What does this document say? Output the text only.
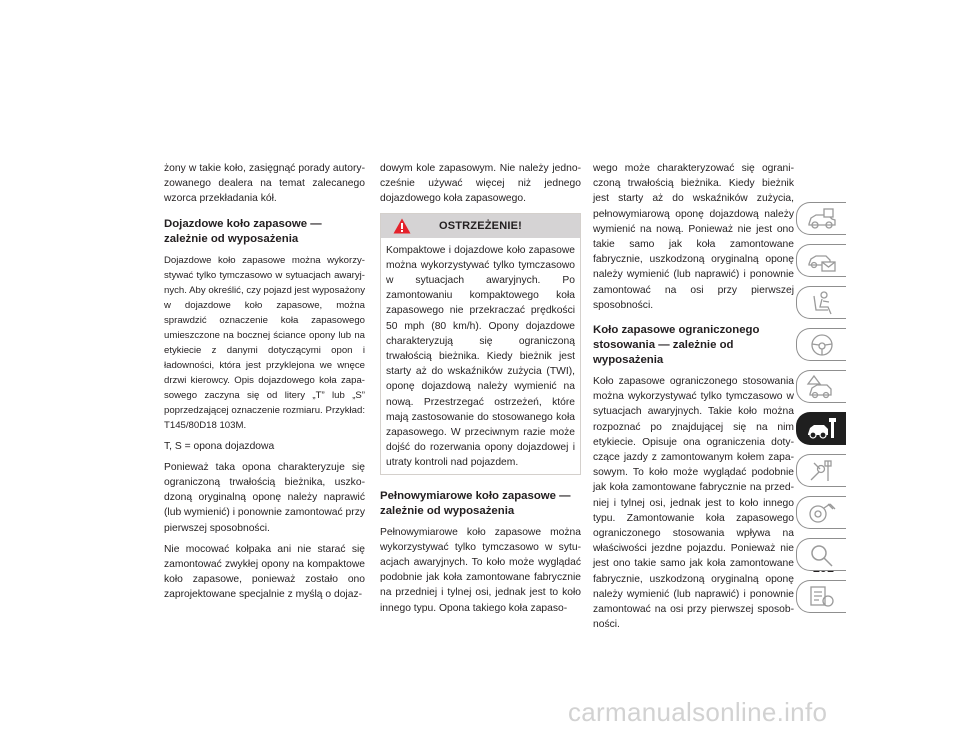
żony w takie koło, zasięgnąć porady autoryzowanego dealera na temat zalecanego wzorca przekładania kół.

Dojazdowe koło zapasowe — zależnie od wyposażenia

Dojazdowe koło zapasowe można wykorzystywać tylko tymczasowo w sytuacjach awaryjnych. Aby określić, czy pojazd jest wyposażony w dojazdowe koło zapasowe, można sprawdzić oznaczenie koła zapasowego umieszczone na bocznej ściance opony lub na etykiecie z danymi dotyczącymi opon i ładowności, która jest przyklejona we wnęce drzwi kierowcy. Opis dojazdowego koła zapasowego zaczyna się od litery „T” lub „S” poprzedzającej oznaczenie rozmiaru. Przykład: T145/80D18 103M.

T, S = opona dojazdowa

Ponieważ taka opona charakteryzuje się ograniczoną trwałością bieżnika, uszkodzoną oryginalną oponę należy naprawić (lub wymienić) i ponownie zamontować przy pierwszej sposobności.

Nie mocować kołpaka ani nie starać się zamontować zwykłej opony na kompaktowe koło zapasowe, ponieważ zostało ono zaprojektowane specjalnie z myślą o dojaz-

dowym kole zapasowym. Nie należy jednocześnie używać więcej niż jednego dojazdowego koła zapasowego.

OSTRZEŻENIE!

Kompaktowe i dojazdowe koło zapasowe można wykorzystywać tylko tymczasowo w sytuacjach awaryjnych. Po zamontowaniu kompaktowego koła zapasowego nie przekraczać prędkości 50 mph (80 km/h). Opony dojazdowe charakteryzują się ograniczoną trwałością bieżnika. Kiedy bieżnik jest starty aż do wskaźników zużycia (TWI), oponę dojazdową należy wymienić na nową. Przestrzegać ostrzeżeń, które mają zastosowanie do stosowanego koła zapasowego. W przeciwnym razie może dojść do rozerwania opony dojazdowej i utraty kontroli nad pojazdem.

Pełnowymiarowe koło zapasowe — zależnie od wyposażenia

Pełnowymiarowe koło zapasowe można wykorzystywać tylko tymczasowo w sytuacjach awaryjnych. To koło może wyglądać podobnie jak koła zamontowane fabrycznie na przedniej i tylnej osi, jednak jest to koło innego typu. Opona takiego koła zapaso-

wego może charakteryzować się ograniczoną trwałością bieżnika. Kiedy bieżnik jest starty aż do wskaźników zużycia, pełnowymiarową oponę dojazdową należy wymienić na nową. Ponieważ nie jest ono takie samo jak koła zamontowane fabrycznie, uszkodzoną oryginalną oponę należy wymienić (lub naprawić) i ponownie zamontować na osi przy pierwszej sposobności.

Koło zapasowe ograniczonego stosowania — zależnie od wyposażenia

Koło zapasowe ograniczonego stosowania można wykorzystywać tylko tymczasowo w sytuacjach awaryjnych. Takie koło można rozpoznać po znajdującej się na nim etykiecie. Opisuje ona ograniczenia dotyczące jazdy z zamontowanym kołem zapasowym. To koło może wyglądać podobnie jak koła zamontowane fabrycznie na przedniej i tylnej osi, jednak jest to koło innego typu. Zamontowanie koła zapasowego ograniczonego stosowania wpływa na właściwości jezdne pojazdu. Ponieważ nie jest ono takie samo jak koła zamontowane fabrycznie, uszkodzoną oryginalną oponę należy wymienić (lub naprawić) i ponownie zamontować na osi przy pierwszej sposobności.

carmanualsonline.info
